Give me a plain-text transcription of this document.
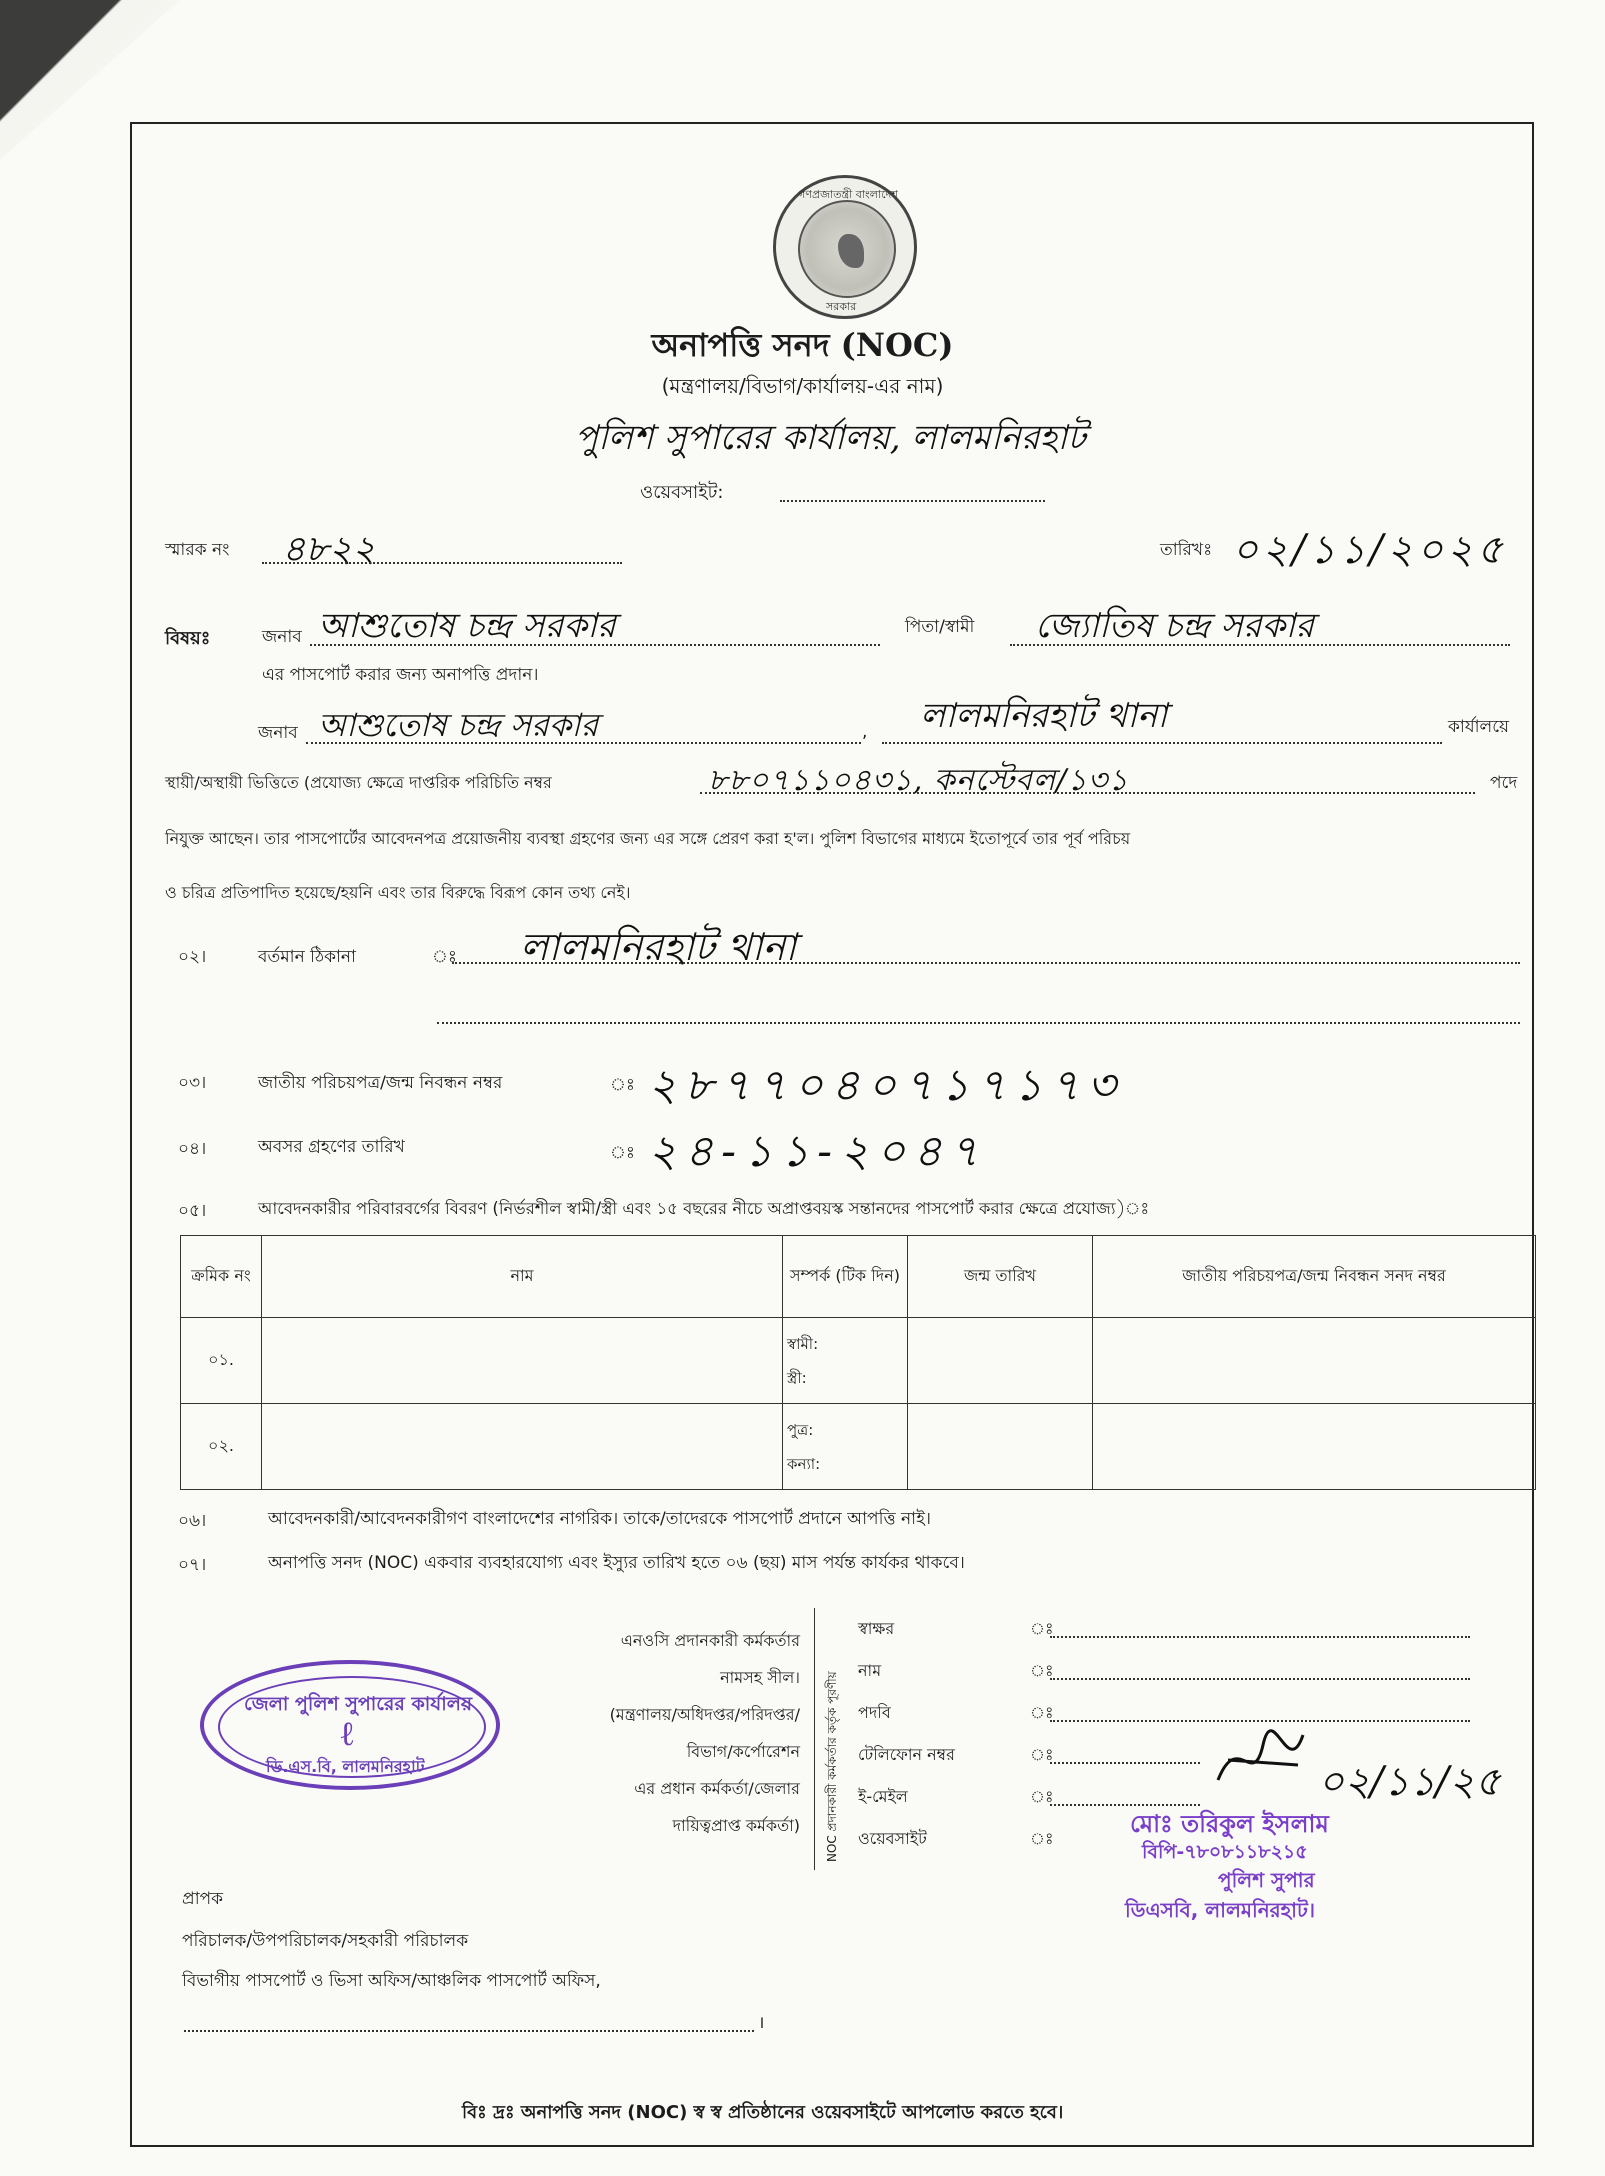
গণপ্রজাতন্ত্রী বাংলাদেশ
সরকার
অনাপত্তি সনদ (NOC)
(মন্ত্রণালয়/বিভাগ/কার্যালয়-এর নাম)
পুলিশ সুপারের কার্যালয়, লালমনিরহাট
ওয়েবসাইট:
স্মারক নং ৪৮২২	তারিখঃ ০২/১১/২০২৫
বিষয়ঃ	জনাব আশুতোষ চন্দ্র সরকার	পিতা/স্বামী জ্যোতিষ চন্দ্র সরকার
এর পাসপোর্ট করার জন্য অনাপত্তি প্রদান।
জনাব আশুতোষ চন্দ্র সরকার	, লালমনিরহাট থানা	কার্যালয়ে
স্থায়ী/অস্থায়ী ভিত্তিতে (প্রযোজ্য ক্ষেত্রে দাপ্তরিক পরিচিতি নম্বর	৮৮০৭১১০৪৩১, কনস্টেবল/১৩১	পদে
নিযুক্ত আছেন। তার পাসপোর্টের আবেদনপত্র প্রয়োজনীয় ব্যবস্থা গ্রহণের জন্য এর সঙ্গে প্রেরণ করা হ'ল। পুলিশ বিভাগের মাধ্যমে ইতোপূর্বে তার পূর্ব পরিচয়
ও চরিত্র প্রতিপাদিত হয়েছে/হয়নি এবং তার বিরুদ্ধে বিরূপ কোন তথ্য নেই।
০২।	বর্তমান ঠিকানা	ঃ লালমনিরহাট থানা
০৩।	জাতীয় পরিচয়পত্র/জন্ম নিবন্ধন নম্বর	ঃ ২৮৭৭০৪০৭১৭১৭৩
০৪।	অবসর গ্রহণের তারিখ	ঃ ২৪-১১-২০৪৭
০৫।	আবেদনকারীর পরিবারবর্গের বিবরণ (নির্ভরশীল স্বামী/স্ত্রী এবং ১৫ বছরের নীচে অপ্রাপ্তবয়স্ক সন্তানদের পাসপোর্ট করার ক্ষেত্রে প্রযোজ্য)ঃ
ক্রমিক নং	নাম	সম্পর্ক (টিক দিন)	জন্ম তারিখ	জাতীয় পরিচয়পত্র/জন্ম নিবন্ধন সনদ নম্বর
০১.		স্বামী:
স্ত্রী:		

০২.		পুত্র:
কন্যা:		

০৬।	আবেদনকারী/আবেদনকারীগণ বাংলাদেশের নাগরিক। তাকে/তাদেরকে পাসপোর্ট প্রদানে আপত্তি নাই।
০৭।	অনাপত্তি সনদ (NOC) একবার ব্যবহারযোগ্য এবং ইস্যুর তারিখ হতে ০৬ (ছয়) মাস পর্যন্ত কার্যকর থাকবে।
এনওসি প্রদানকারী কর্মকর্তার
নামসহ সীল।
(মন্ত্রণালয়/অধিদপ্তর/পরিদপ্তর/
বিভাগ/কর্পোরেশন
এর প্রধান কর্মকর্তা/জেলার
দায়িত্বপ্রাপ্ত কর্মকর্তা) NOC প্রদানকারী কর্মকর্তার কর্তৃক পূরণীয়
স্বাক্ষর
নাম
পদবি
টেলিফোন নম্বর
ই-মেইল
ওয়েবসাইট
ঃ
ঃ
ঃ
ঃ
ঃ
ঃ
জেলা পুলিশ সুপারের কার্যালয়
ℓ
ডি.এস.বি, লালমনিরহাট	০২/১১/২৫
মোঃ তরিকুল ইসলাম
বিপি-৭৮০৮১১৮২১৫
পুলিশ সুপার
ডিএসবি, লালমনিরহাট।
প্রাপক
পরিচালক/উপপরিচালক/সহকারী পরিচালক
বিভাগীয় পাসপোর্ট ও ভিসা অফিস/আঞ্চলিক পাসপোর্ট অফিস,
।
বিঃ দ্রঃ অনাপত্তি সনদ (NOC) স্ব স্ব প্রতিষ্ঠানের ওয়েবসাইটে আপলোড করতে হবে।
